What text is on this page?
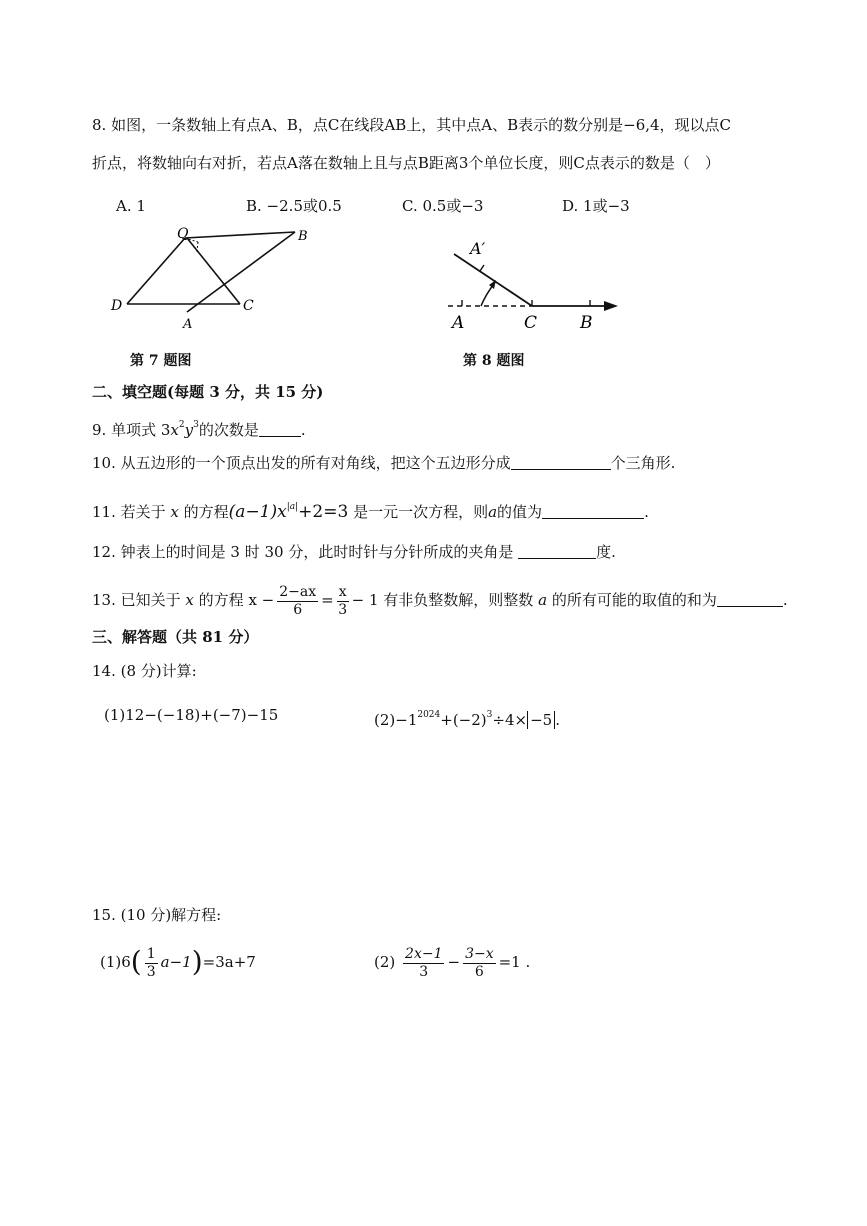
8. 如图，一条数轴上有点A、B，点C在线段AB上，其中点A、B表示的数分别是−6,4，现以点C
折点，将数轴向右对折，若点A落在数轴上且与点B距离3个单位长度，则C点表示的数是（　）
A. 1	B. −2.5或0.5	C. 0.5或−3	D. 1或−3
Q	B
D
A
C
A′
A	C	B
第 7 题图	第 8 题图
二、填空题(每题 3 分，共 15 分)
9. 单项式 $3x^2y^3$的次数是	.
10. 从五边形的一个顶点出发的所有对角线，把这个五边形分成	个三角形.
11. 若关于 x 的方程$(a-1)x^{|a|}+2=3$ 是一元一次方程，则a的值为	.
12. 钟表上的时间是 3 时 30 分，此时时针与分针所成的夹角是	度.
13. 已知关于 x 的方程 $x - \frac{2-ax}{6} = \frac{x}{3} - 1$ 有非负整数解，则整数 a 的所有可能的取值的和为	.
三、解答题（共 81 分）
14. (8 分)计算:
(1)12−(−18)+(−7)−15	$(2)-1^{2024}+(-2)^3\div 4\times -5$ .
15. (10 分)解方程:
$(1)6( \frac{1}{3} a-1)=3a+7$	$(2) \frac{2x-1}{3} - \frac{3-x}{6} =1$ .
